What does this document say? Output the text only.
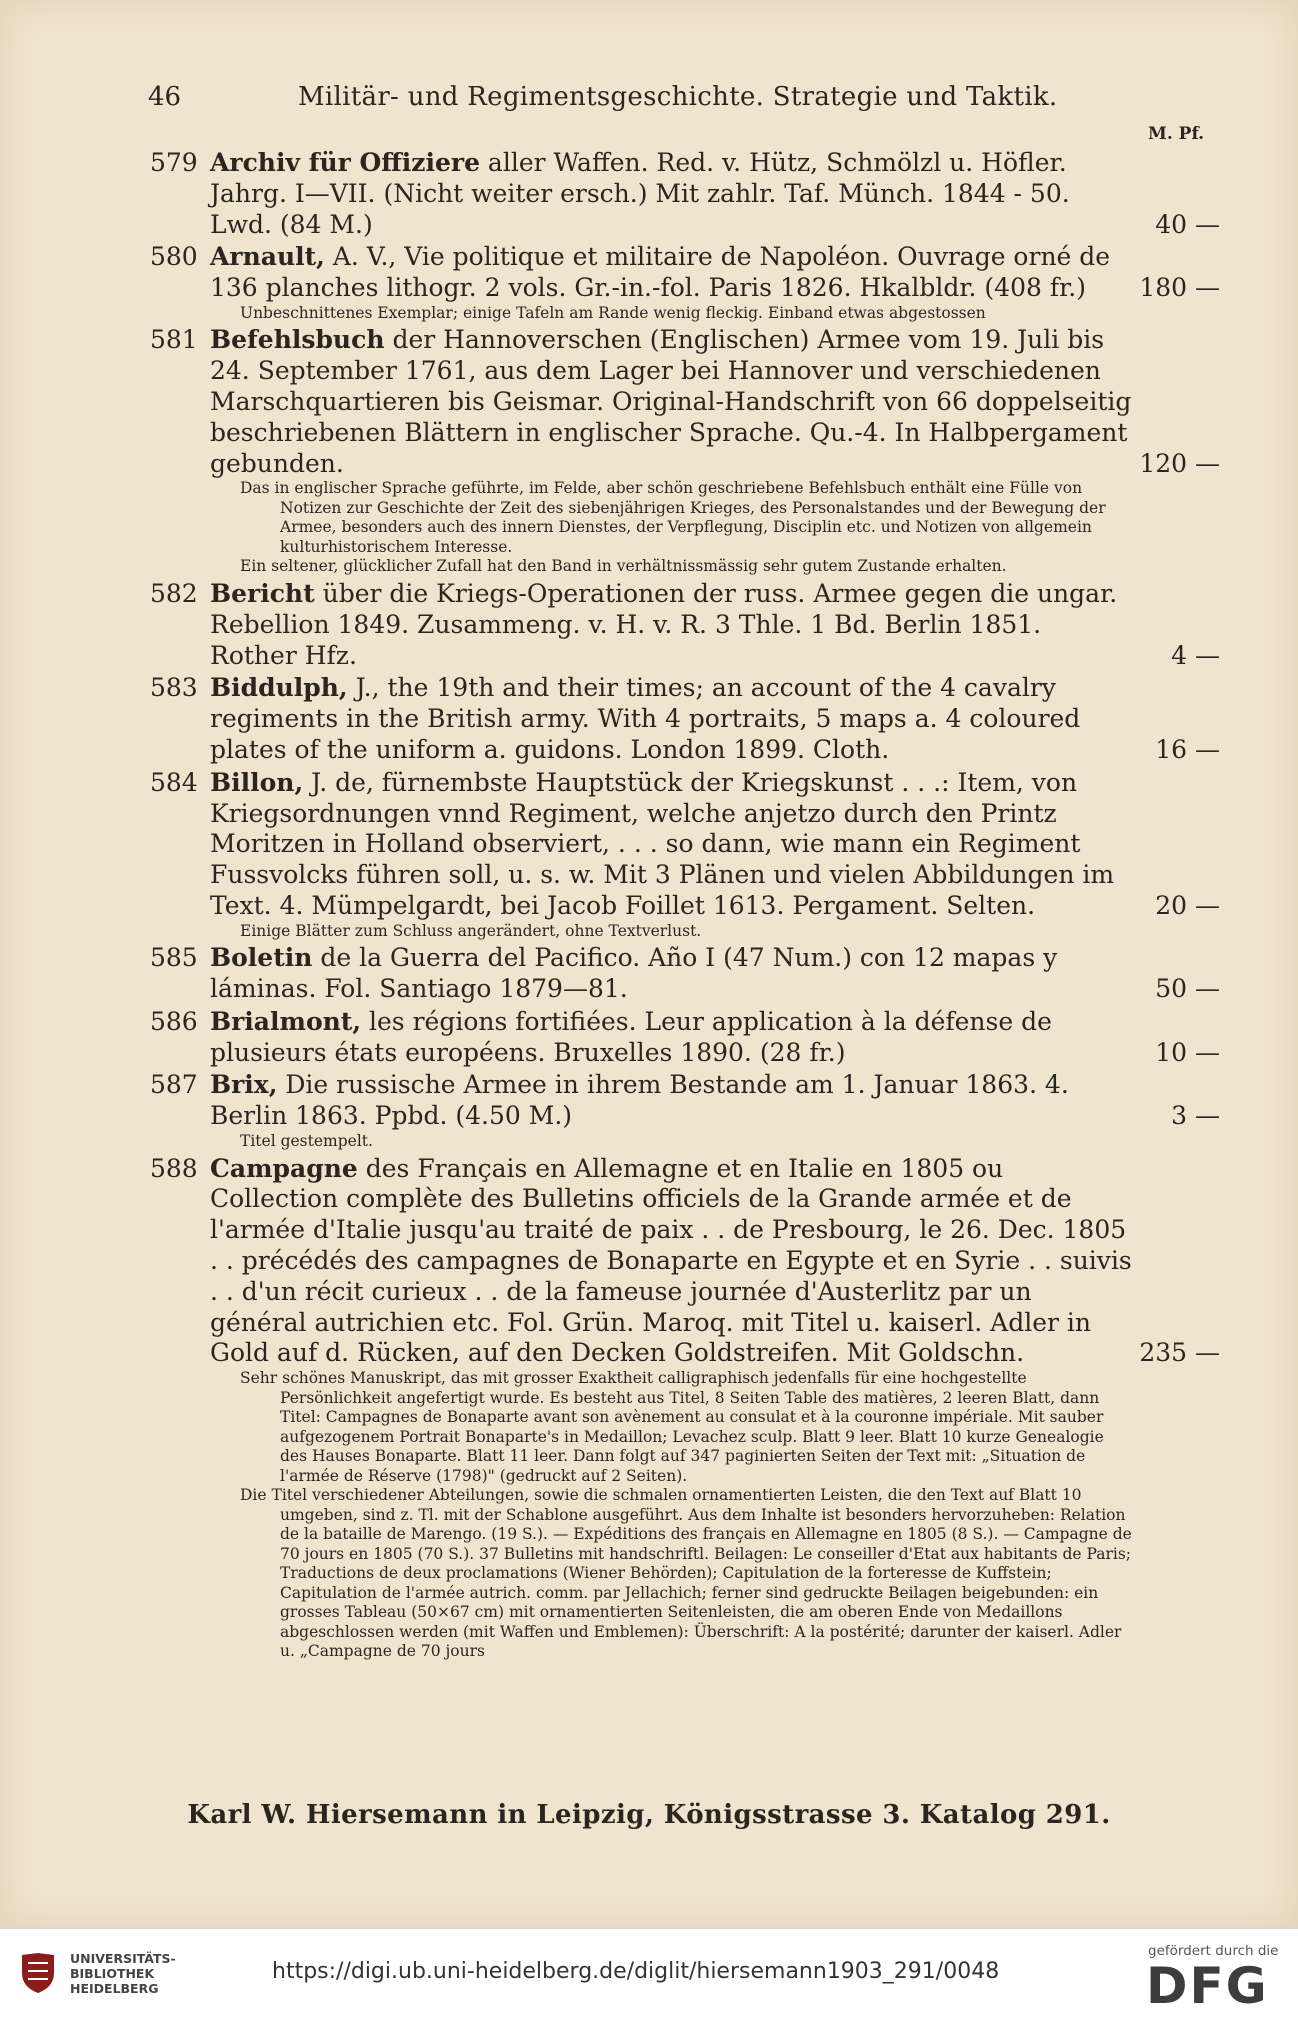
46	Militär- und Regimentsgeschichte. Strategie und Taktik.
M. Pf.
579 Archiv für Offiziere aller Waffen. Red. v. Hütz, Schmölzl u. Höfler. Jahrg. I—VII. (Nicht weiter ersch.) Mit zahlr. Taf. Münch. 1844 - 50. Lwd. (84 M.)	40 —
580 Arnault, A. V., Vie politique et militaire de Napoléon. Ouvrage orné de 136 planches lithogr. 2 vols. Gr.-in.-fol. Paris 1826. Hkalbldr. (408 fr.)	180 —
Unbeschnittenes Exemplar; einige Tafeln am Rande wenig fleckig. Einband etwas abgestossen
581 Befehlsbuch der Hannoverschen (Englischen) Armee vom 19. Juli bis 24. September 1761, aus dem Lager bei Hannover und verschiedenen Marschquartieren bis Geismar. Original-Handschrift von 66 doppelseitig beschriebenen Blättern in englischer Sprache. Qu.-4. In Halbpergament gebunden.	120 —
Das in englischer Sprache geführte, im Felde, aber schön geschriebene Befehlsbuch enthält eine Fülle von Notizen zur Geschichte der Zeit des siebenjährigen Krieges, des Personalstandes und der Bewegung der Armee, besonders auch des innern Dienstes, der Verpflegung, Disciplin etc. und Notizen von allgemein kulturhistorischem Interesse.
Ein seltener, glücklicher Zufall hat den Band in verhältnissmässig sehr gutem Zustande erhalten.
582 Bericht über die Kriegs-Operationen der russ. Armee gegen die ungar. Rebellion 1849. Zusammeng. v. H. v. R. 3 Thle. 1 Bd. Berlin 1851. Rother Hfz.	4 —
583 Biddulph, J., the 19th and their times; an account of the 4 cavalry regiments in the British army. With 4 portraits, 5 maps a. 4 coloured plates of the uniform a. guidons. London 1899. Cloth.	16 —
584 Billon, J. de, fürnembste Hauptstück der Kriegskunst . . .: Item, von Kriegsordnungen vnnd Regiment, welche anjetzo durch den Printz Moritzen in Holland observiert, . . . so dann, wie mann ein Regiment Fussvolcks führen soll, u. s. w. Mit 3 Plänen und vielen Abbildungen im Text. 4. Mümpelgardt, bei Jacob Foillet 1613. Pergament. Selten.	20 —
Einige Blätter zum Schluss angerändert, ohne Textverlust.
585 Boletin de la Guerra del Pacifico. Año I (47 Num.) con 12 mapas y láminas. Fol. Santiago 1879—81.	50 —
586 Brialmont, les régions fortifiées. Leur application à la défense de plusieurs états européens. Bruxelles 1890. (28 fr.)	10 —
587 Brix, Die russische Armee in ihrem Bestande am 1. Januar 1863. 4. Berlin 1863. Ppbd. (4.50 M.)	3 —
Titel gestempelt.
588 Campagne des Français en Allemagne et en Italie en 1805 ou Collection complète des Bulletins officiels de la Grande armée et de l'armée d'Italie jusqu'au traité de paix . . de Presbourg, le 26. Dec. 1805 . . précédés des campagnes de Bonaparte en Egypte et en Syrie . . suivis . . d'un récit curieux . . de la fameuse journée d'Austerlitz par un général autrichien etc. Fol. Grün. Maroq. mit Titel u. kaiserl. Adler in Gold auf d. Rücken, auf den Decken Goldstreifen. Mit Goldschn.	235 —
Sehr schönes Manuskript, das mit grosser Exaktheit calligraphisch jedenfalls für eine hochgestellte Persönlichkeit angefertigt wurde. Es besteht aus Titel, 8 Seiten Table des matières, 2 leeren Blatt, dann Titel: Campagnes de Bonaparte avant son avènement au consulat et à la couronne impériale. Mit sauber aufgezogenem Portrait Bonaparte's in Medaillon; Levachez sculp. Blatt 9 leer. Blatt 10 kurze Genealogie des Hauses Bonaparte. Blatt 11 leer. Dann folgt auf 347 paginierten Seiten der Text mit: „Situation de l'armée de Réserve (1798)" (gedruckt auf 2 Seiten).
Die Titel verschiedener Abteilungen, sowie die schmalen ornamentierten Leisten, die den Text auf Blatt 10 umgeben, sind z. Tl. mit der Schablone ausgeführt. Aus dem Inhalte ist besonders hervorzuheben: Relation de la bataille de Marengo. (19 S.). — Expéditions des français en Allemagne en 1805 (8 S.). — Campagne de 70 jours en 1805 (70 S.). 37 Bulletins mit handschriftl. Beilagen: Le conseiller d'Etat aux habitants de Paris; Traductions de deux proclamations (Wiener Behörden); Capitulation de la forteresse de Kuffstein; Capitulation de l'armée autrich. comm. par Jellachich; ferner sind gedruckte Beilagen beigebunden: ein grosses Tableau (50×67 cm) mit ornamentierten Seitenleisten, die am oberen Ende von Medaillons abgeschlossen werden (mit Waffen und Emblemen): Überschrift: A la postérité; darunter der kaiserl. Adler u. „Campagne de 70 jours
Karl W. Hiersemann in Leipzig, Königsstrasse 3. Katalog 291.
UNIVERSITÄTS-
BIBLIOTHEK
HEIDELBERG
https://digi.ub.uni-heidelberg.de/diglit/hiersemann1903_291/0048
gefördert durch die
DFG
